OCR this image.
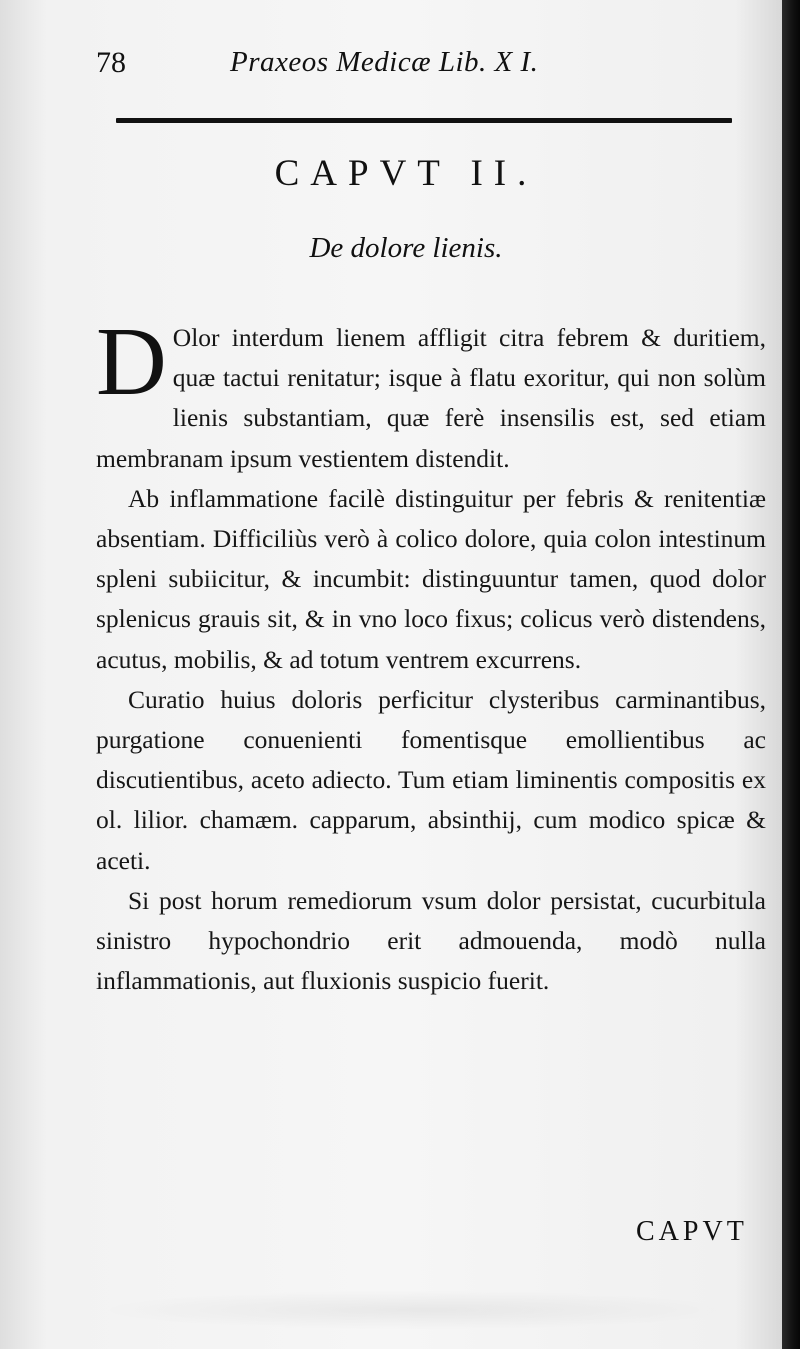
78	Praxeos Medicæ Lib. X I.
CAPVT II.
De dolore lienis.

D Olor interdum lienem affligit citra febrem & duritiem, quæ tactui renitatur; isque à flatu exoritur, qui non solùm lienis substantiam, quæ ferè insensilis est, sed etiam membranam ipsum vestientem distendit.

Ab inflammatione facilè distinguitur per febris & renitentiæ absentiam. Difficiliùs verò à colico dolore, quia colon intestinum spleni subiicitur, & incumbit: distinguuntur tamen, quod dolor splenicus grauis sit, & in vno loco fixus; colicus verò distendens, acutus, mobilis, & ad totum ventrem excurrens.

Curatio huius doloris perficitur clysteribus carminantibus, purgatione conuenienti fomentisque emollientibus ac discutientibus, aceto adiecto. Tum etiam liminentis compositis ex ol. lilior. chamæm. capparum, absinthij, cum modico spicæ & aceti.

Si post horum remediorum vsum dolor persistat, cucurbitula sinistro hypochondrio erit admouenda, modò nulla inflammationis, aut fluxionis suspicio fuerit.

CAPVT
